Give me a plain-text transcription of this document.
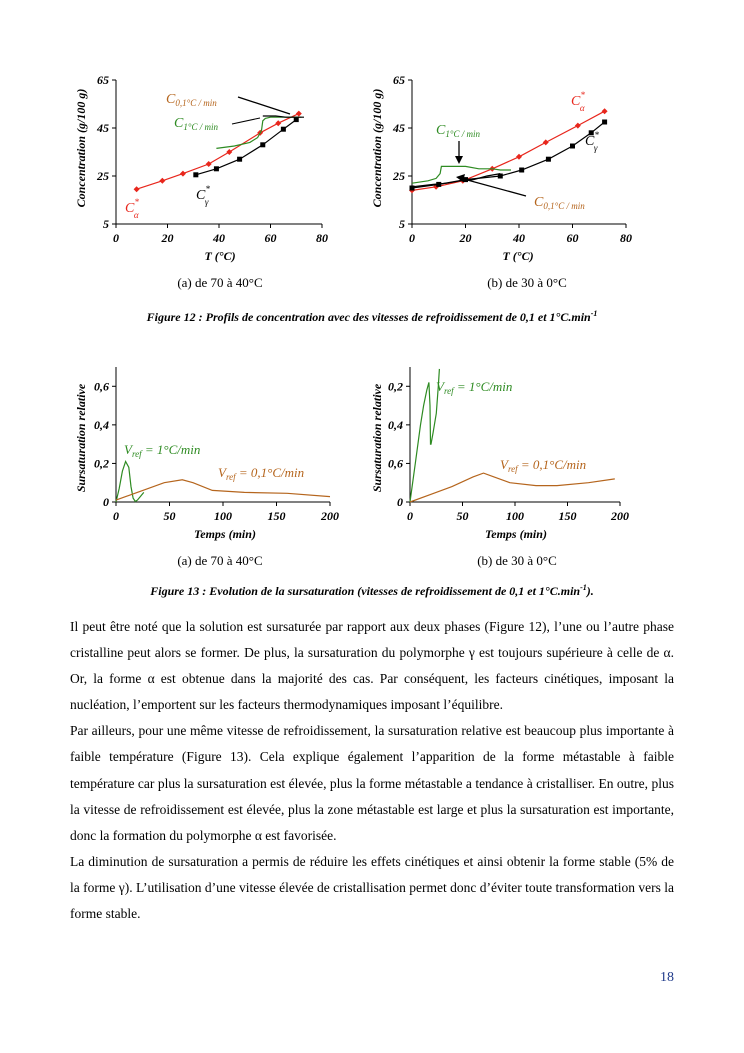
0	20	40	60	80
5
25
45
65
Concentration (g/100 g)
T (°C)
$C_{0,1^\circ C / min}$
$C_{1^\circ C / min}$
C* γ
C* α
0	20	40	60	80
5
25
45
65
Concentration (g/100 g)
T (°C)
C* α
C* γ
$C_{1^\circ C / min}$
$C_{0,1^\circ C / min}$
(a) de 70 à 40°C	(b) de 30 à 0°C
Figure 12 : Profils de concentration avec des vitesses de refroidissement de 0,1 et $1^\circ C.\min^{-1}$
0	50	100	150	200
0
0,2
0,4
0,6
Sursaturation relative
Temps (min)
$V_{ref} = 1^\circ C/\min$
$V_{ref} = 0,1^\circ C/\min$
0	50	100	150	200
0
0,6
0,4
0,2
Sursaturation relative
Temps (min)
$V_{ref} = 1^\circ C/\min$
$V_{ref} = 0,1^\circ C/\min$
(a) de 70 à 40°C	(b) de 30 à 0°C
Figure 13 : Evolution de la sursaturation (vitesses de refroidissement de 0,1 et $1^\circ C.\min^{-1}$).

Il peut être noté que la solution est sursaturée par rapport aux deux phases (Figure 12), l’une ou l’autre phase cristalline peut alors se former. De plus, la sursaturation du polymorphe γ est toujours supérieure à celle de α. Or, la forme α est obtenue dans la majorité des cas. Par conséquent, les facteurs cinétiques, imposant la nucléation, l’emportent sur les facteurs thermodynamiques imposant l’équilibre.

Par ailleurs, pour une même vitesse de refroidissement, la sursaturation relative est beaucoup plus importante à faible température (Figure 13). Cela explique également l’apparition de la forme métastable à faible température car plus la sursaturation est élevée, plus la forme métastable a tendance à cristalliser. En outre, plus la vitesse de refroidissement est élevée, plus la zone métastable est large et plus la sursaturation est importante, donc la formation du polymorphe α est favorisée.

La diminution de sursaturation a permis de réduire les effets cinétiques et ainsi obtenir la forme stable (5% de la forme γ). L’utilisation d’une vitesse élevée de cristallisation permet donc d’éviter toute transformation vers la forme stable.

18
